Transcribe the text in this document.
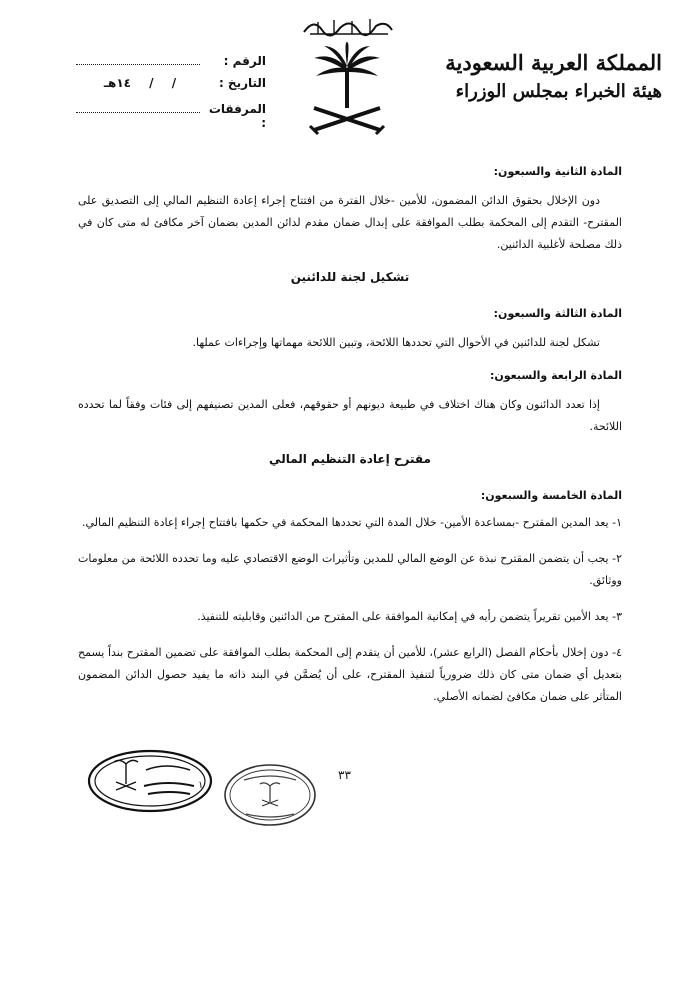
المملكة العربية السعودية
هيئة الخبراء بمجلس الوزراء
الرقم :
التاريخ :
/ / ١٤هـ
المرفقات :

المادة الثانية والسبعون:

دون الإخلال بحقوق الدائن المضمون، للأمين -خلال الفترة من افتتاح إجراء إعادة التنظيم المالي إلى التصديق على المقترح- التقدم إلى المحكمة بطلب الموافقة على إبدال ضمان مقدم لدائن المدين بضمان آخر مكافئ له متى كان في ذلك مصلحة لأغلبية الدائنين.

تشكيل لجنة للدائنين

المادة الثالثة والسبعون:

تشكل لجنة للدائنين في الأحوال التي تحددها اللائحة، وتبين اللائحة مهماتها وإجراءات عملها.

المادة الرابعة والسبعون:

إذا تعدد الدائنون وكان هناك اختلاف في طبيعة ديونهم أو حقوقهم، فعلى المدين تصنيفهم إلى فئات وفقاً لما تحدده اللائحة.

مقترح إعادة التنظيم المالي

المادة الخامسة والسبعون:

١- يعد المدين المقترح -بمساعدة الأمين- خلال المدة التي تحددها المحكمة في حكمها بافتتاح إجراء إعادة التنظيم المالي.

٢- يجب أن يتضمن المقترح نبذة عن الوضع المالي للمدين وتأثيرات الوضع الاقتصادي عليه وما تحدده اللائحة من معلومات ووثائق.

٣- يعد الأمين تقريراً يتضمن رأيه في إمكانية الموافقة على المقترح من الدائنين وقابليته للتنفيذ.

٤- دون إخلال بأحكام الفصل (الرابع عشر)، للأمين أن يتقدم إلى المحكمة بطلب الموافقة على تضمين المقترح بنداً يسمح بتعديل أي ضمان متى كان ذلك ضرورياً لتنفيذ المقترح، على أن يُضمَّن في البند ذاته ما يفيد حصول الدائن المضمون المتأثر على ضمان مكافئ لضمانه الأصلي.

١
٣٣
